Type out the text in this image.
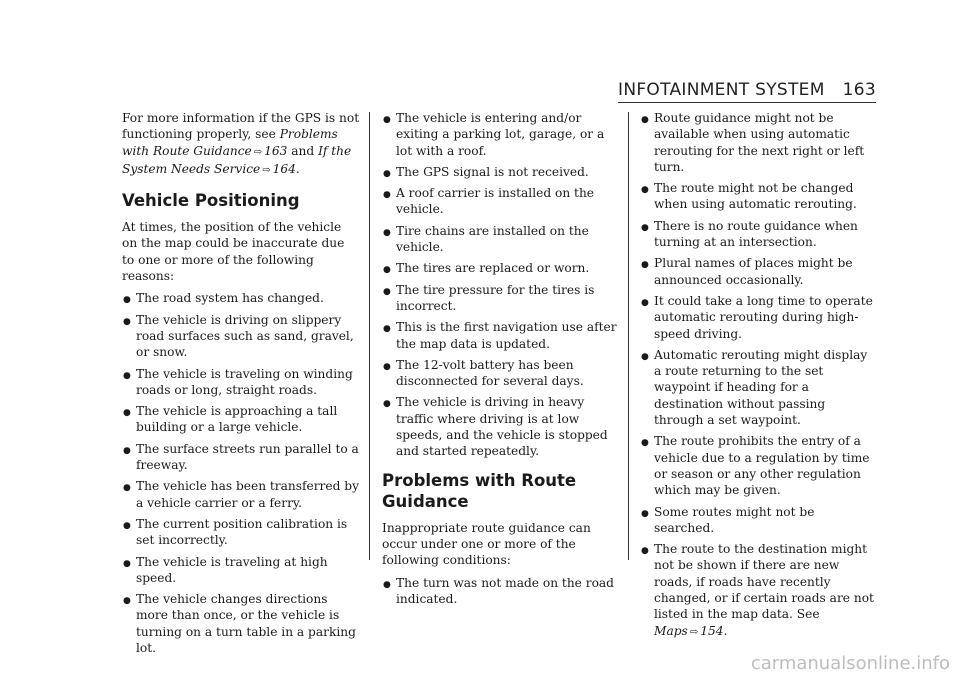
INFOTAINMENT SYSTEM 163

For more information if the GPS is not functioning properly, see Problems with Route Guidance ⇨ 163 and If the System Needs Service ⇨ 164.

Vehicle Positioning

At times, the position of the vehicle on the map could be inaccurate due to one or more of the following reasons:

● The road system has changed.
● The vehicle is driving on slippery road surfaces such as sand, gravel, or snow.
● The vehicle is traveling on winding roads or long, straight roads.
● The vehicle is approaching a tall building or a large vehicle.
● The surface streets run parallel to a freeway.
● The vehicle has been transferred by a vehicle carrier or a ferry.
● The current position calibration is set incorrectly.
● The vehicle is traveling at high speed.
● The vehicle changes directions more than once, or the vehicle is turning on a turn table in a parking lot.
● The vehicle is entering and/or exiting a parking lot, garage, or a lot with a roof.
● The GPS signal is not received.
● A roof carrier is installed on the vehicle.
● Tire chains are installed on the vehicle.
● The tires are replaced or worn.
● The tire pressure for the tires is incorrect.
● This is the first navigation use after the map data is updated.
● The 12-volt battery has been disconnected for several days.
● The vehicle is driving in heavy traffic where driving is at low speeds, and the vehicle is stopped and started repeatedly.
Problems with Route Guidance

Inappropriate route guidance can occur under one or more of the following conditions:

● The turn was not made on the road indicated.
● Route guidance might not be available when using automatic rerouting for the next right or left turn.
● The route might not be changed when using automatic rerouting.
● There is no route guidance when turning at an intersection.
● Plural names of places might be announced occasionally.
● It could take a long time to operate automatic rerouting during high-speed driving.
● Automatic rerouting might display a route returning to the set waypoint if heading for a destination without passing through a set waypoint.
● The route prohibits the entry of a vehicle due to a regulation by time or season or any other regulation which may be given.
● Some routes might not be searched.
● The route to the destination might not be shown if there are new roads, if roads have recently changed, or if certain roads are not listed in the map data. See Maps ⇨ 154.
carmanualsonline.info
